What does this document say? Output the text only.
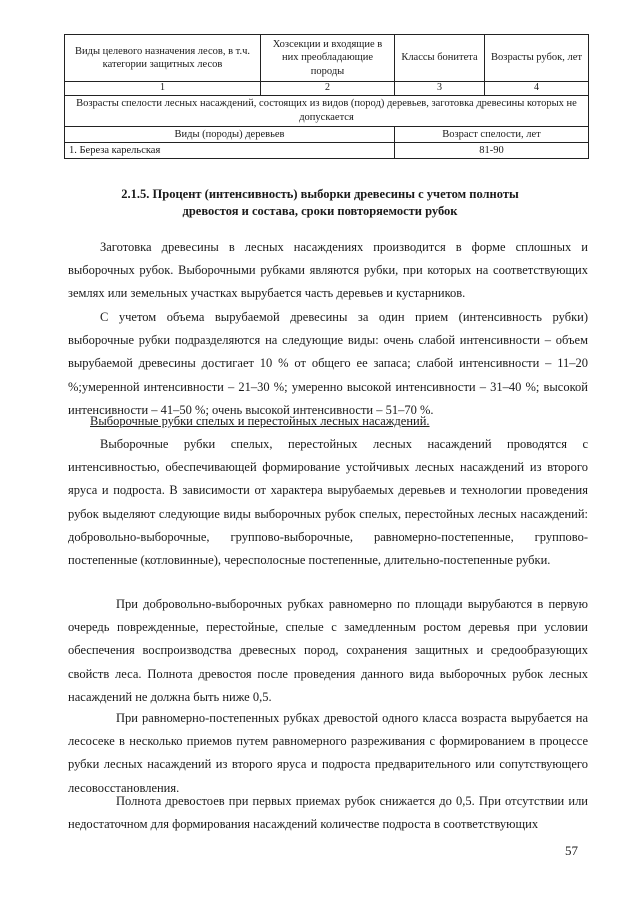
Виды целевого назначения лесов, в т.ч. категории защитных лесов	Хозсекции и входящие в них преобладающие породы	Классы бонитета	Возрасты рубок, лет
1	2	3	4
Возрасты спелости лесных насаждений, состоящих из видов (пород) деревьев, заготовка древесины которых не допускается			
Виды (породы) деревьев		Возраст спелости, лет	
1. Береза карельская		81-90	
2.1.5. Процент (интенсивность) выборки древесины с учетом полноты древостоя и состава, сроки повторяемости рубок

Заготовка древесины в лесных насаждениях производится в форме сплошных и выборочных рубок. Выборочными рубками являются рубки, при которых на соответствующих землях или земельных участках вырубается часть деревьев и кустарников.

С учетом объема вырубаемой древесины за один прием (интенсивность рубки) выборочные рубки подразделяются на следующие виды: очень слабой интенсивности – объем вырубаемой древесины достигает 10 % от общего ее запаса; слабой интенсивности – 11–20 %;умеренной интенсивности – 21–30 %; умеренно высокой интенсивности – 31–40 %; высокой интенсивности – 41–50 %; очень высокой интенсивности – 51–70 %.

Выборочные рубки спелых и перестойных лесных насаждений.

Выборочные рубки спелых, перестойных лесных насаждений проводятся с интенсивностью, обеспечивающей формирование устойчивых лесных насаждений из второго яруса и подроста. В зависимости от характера вырубаемых деревьев и технологии проведения рубок выделяют следующие виды выборочных рубок спелых, перестойных лесных насаждений: добровольно-выборочные, группово-выборочные, равномерно-постепенные, группово-постепенные (котловинные), чересполосные постепенные, длительно-постепенные рубки.

При добровольно-выборочных рубках равномерно по площади вырубаются в первую очередь поврежденные, перестойные, спелые с замедленным ростом деревья при условии обеспечения воспроизводства древесных пород, сохранения защитных и средообразующих свойств леса. Полнота древостоя после проведения данного вида выборочных рубок лесных насаждений не должна быть ниже 0,5.

При равномерно-постепенных рубках древостой одного класса возраста вырубается на лесосеке в несколько приемов путем равномерного разреживания с формированием в процессе рубки лесных насаждений из второго яруса и подроста предварительного или сопутствующего лесовосстановления.

Полнота древостоев при первых приемах рубок снижается до 0,5. При отсутствии или недостаточном для формирования насаждений количестве подроста в соответствующих

57
